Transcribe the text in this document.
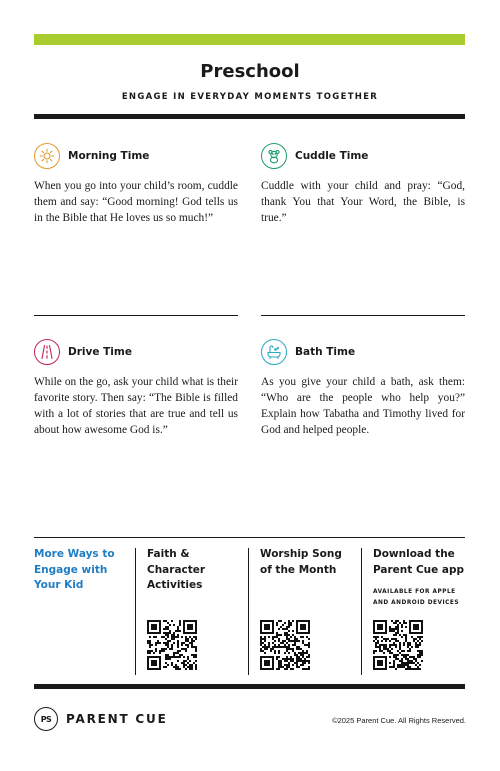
Preschool
ENGAGE IN EVERYDAY MOMENTS TOGETHER
Morning Time
When you go into your child’s room, cuddle them and say: “Good morning! God tells us in the Bible that He loves us so much!”
Cuddle Time
Cuddle with your child and pray: “God, thank You that Your Word, the Bible, is true.”
Drive Time
While on the go, ask your child what is their favorite story. Then say: “The Bible is filled with a lot of stories that are true and tell us about how awesome God is.”
Bath Time
As you give your child a bath, ask them: “Who are the people who help you?” Explain how Tabatha and Timothy lived for God and helped people.
More Ways to Engage with Your Kid
Faith & Character Activities
Worship Song of the Month
Download the Parent Cue app
AVAILABLE FOR APPLE AND ANDROID DEVICES
PS	PARENT CUE	©2025 Parent Cue. All Rights Reserved.
